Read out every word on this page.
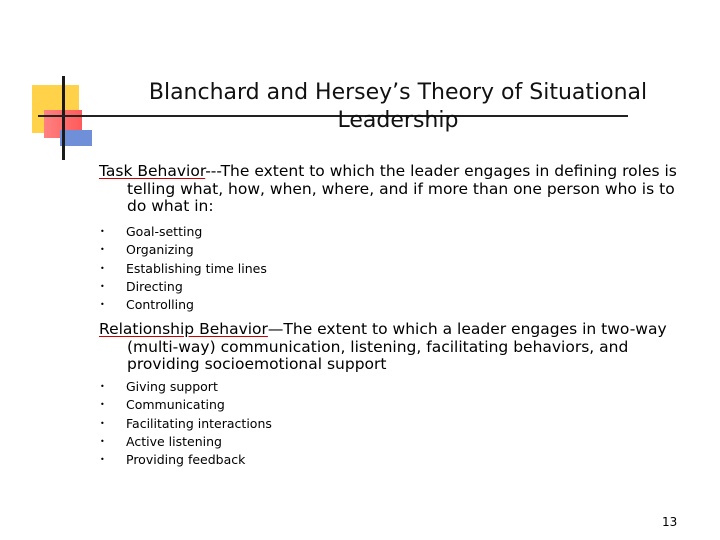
Blanchard and Hersey’s Theory of Situational
Leadership

Task Behavior---The extent to which the leader engages in defining roles is
telling what, how, when, where, and if more than one person who is to
do what in:

• Goal-setting
• Organizing
• Establishing time lines
• Directing
• Controlling

Relationship Behavior—The extent to which a leader engages in two-way
(multi-way) communication, listening, facilitating behaviors, and
providing socioemotional support

• Giving support
• Communicating
• Facilitating interactions
• Active listening
• Providing feedback
13
